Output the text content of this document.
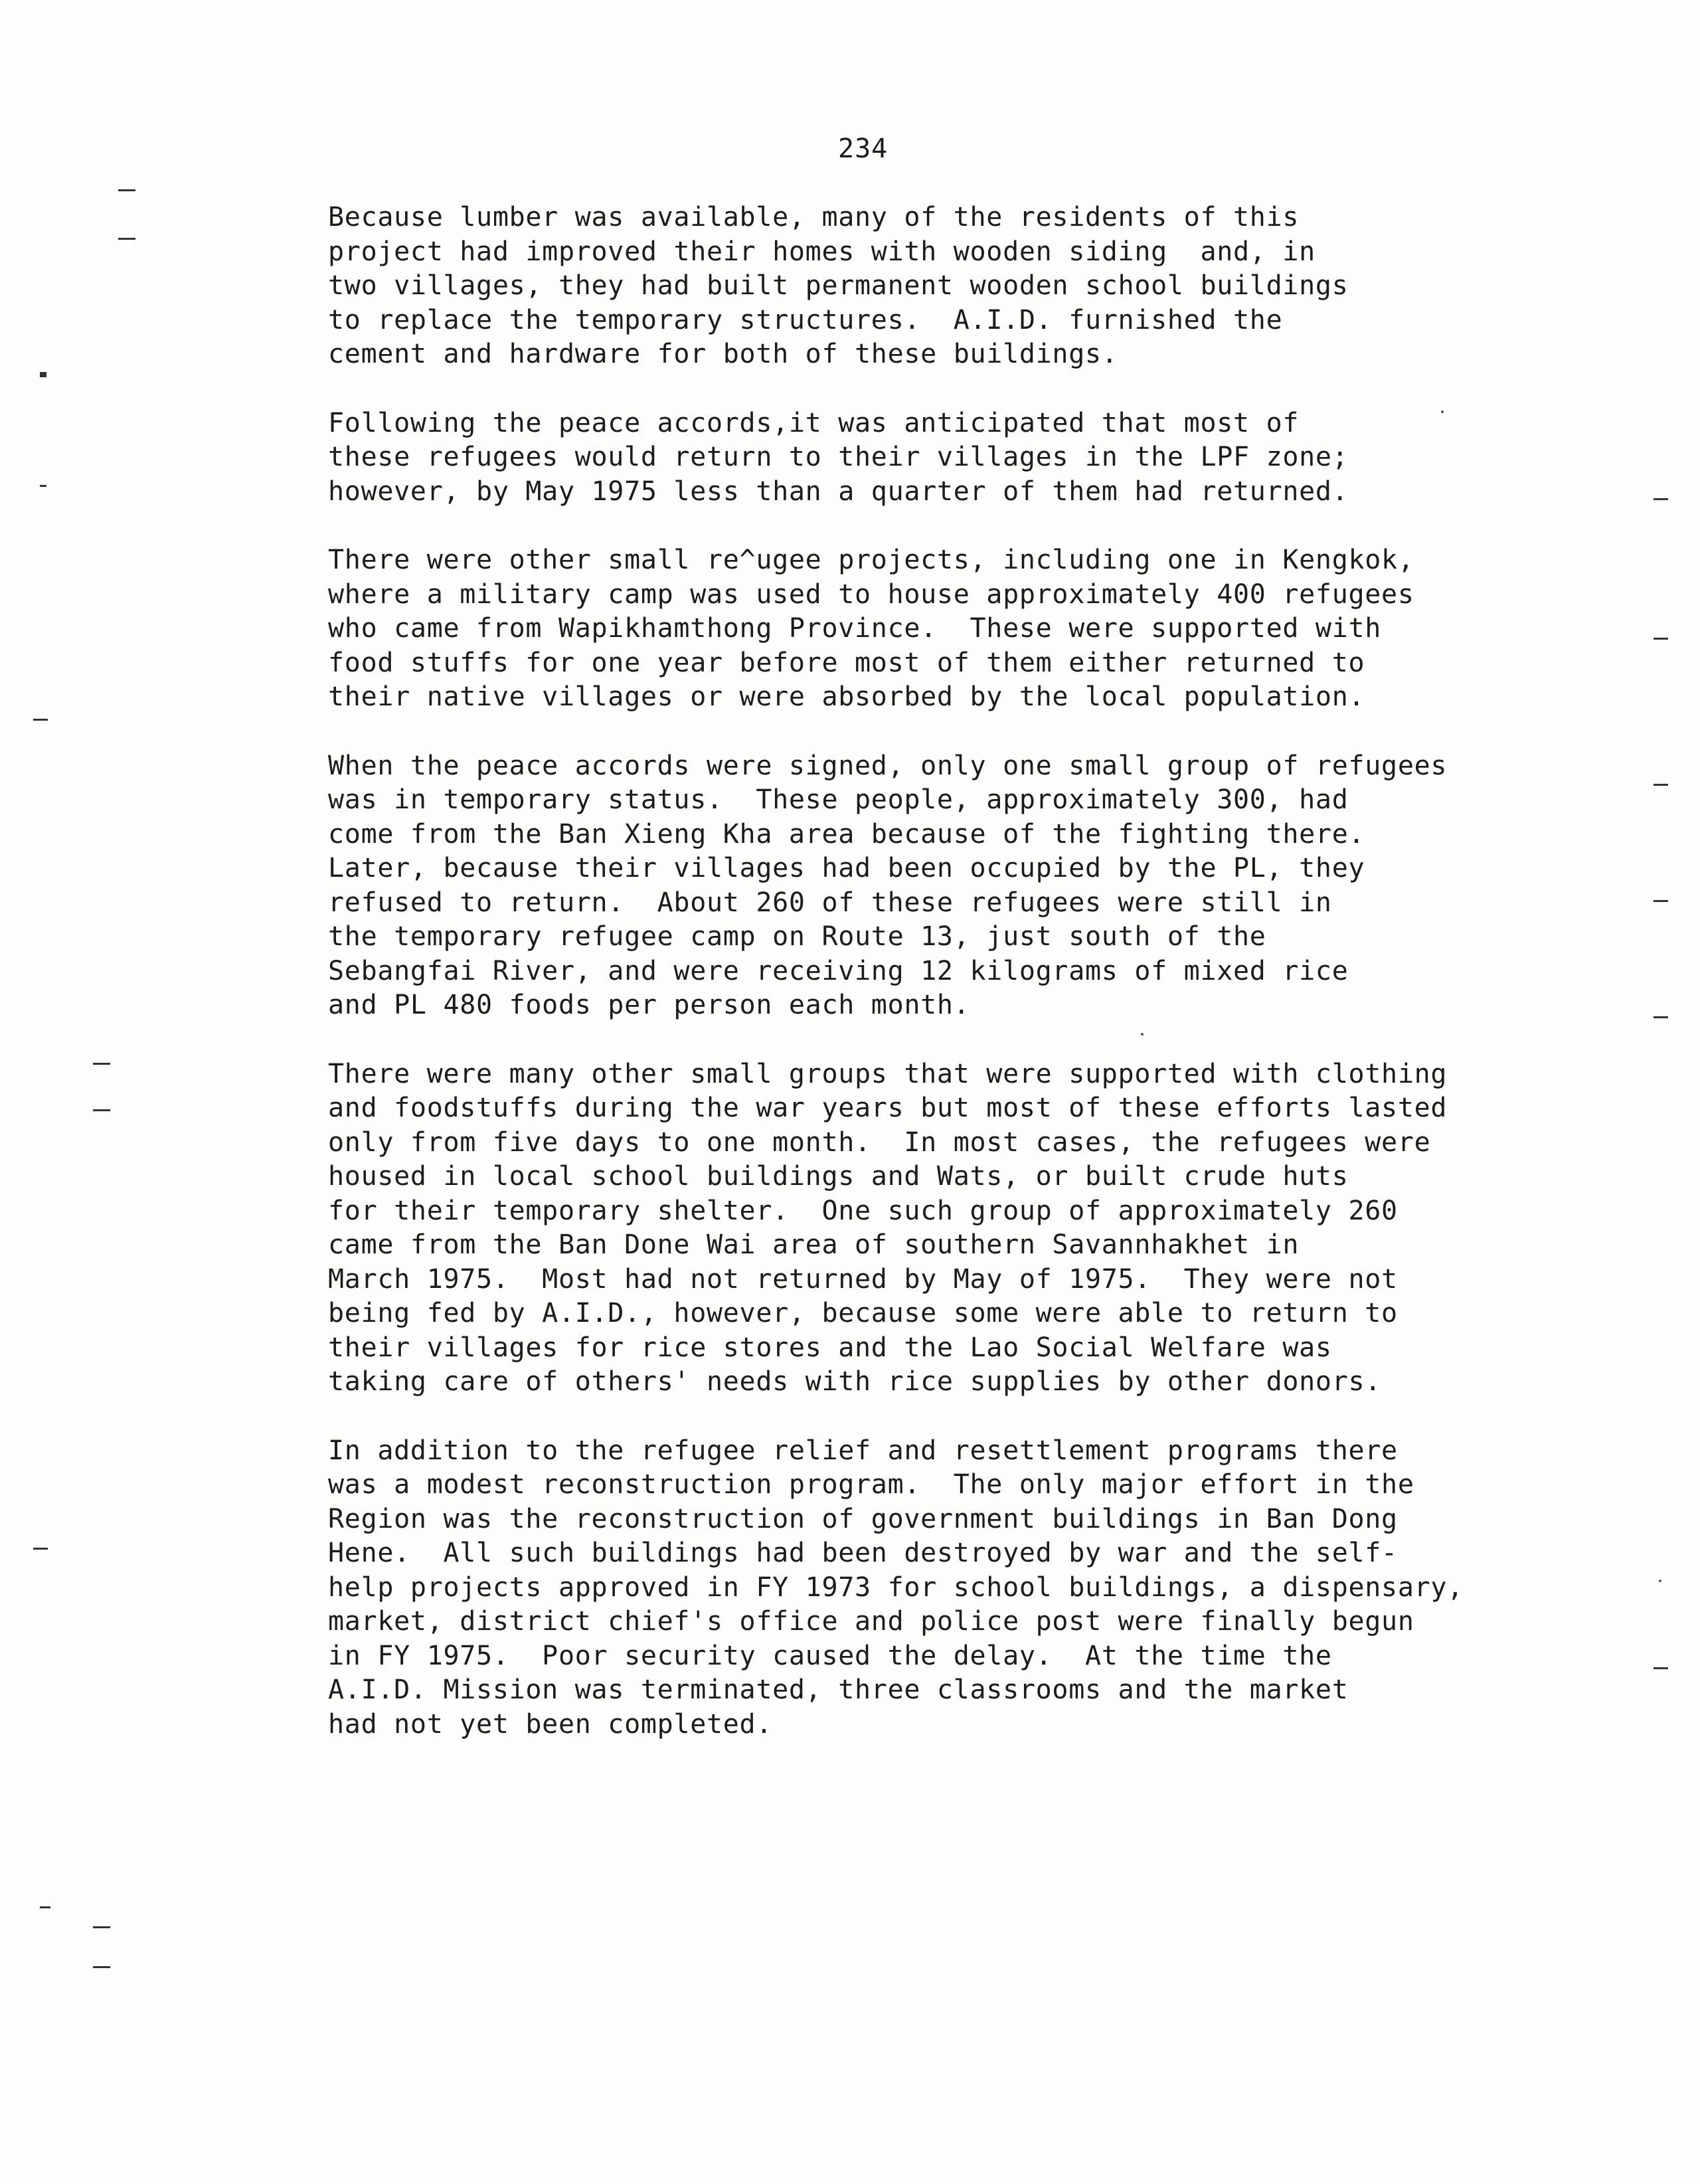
234
Because lumber was available, many of the residents of this
project had improved their homes with wooden siding  and, in
two villages, they had built permanent wooden school buildings
to replace the temporary structures.  A.I.D. furnished the
cement and hardware for both of these buildings.
Following the peace accords,it was anticipated that most of
these refugees would return to their villages in the LPF zone;
however, by May 1975 less than a quarter of them had returned.
There were other small re^ugee projects, including one in Kengkok,
where a military camp was used to house approximately 400 refugees
who came from Wapikhamthong Province.  These were supported with
food stuffs for one year before most of them either returned to
their native villages or were absorbed by the local population.
When the peace accords were signed, only one small group of refugees
was in temporary status.  These people, approximately 300, had
come from the Ban Xieng Kha area because of the fighting there.
Later, because their villages had been occupied by the PL, they
refused to return.  About 260 of these refugees were still in
the temporary refugee camp on Route 13, just south of the
Sebangfai River, and were receiving 12 kilograms of mixed rice
and PL 480 foods per person each month.
There were many other small groups that were supported with clothing
and foodstuffs during the war years but most of these efforts lasted
only from five days to one month.  In most cases, the refugees were
housed in local school buildings and Wats, or built crude huts
for their temporary shelter.  One such group of approximately 260
came from the Ban Done Wai area of southern Savannhakhet in
March 1975.  Most had not returned by May of 1975.  They were not
being fed by A.I.D., however, because some were able to return to
their villages for rice stores and the Lao Social Welfare was
taking care of others' needs with rice supplies by other donors.
In addition to the refugee relief and resettlement programs there
was a modest reconstruction program.  The only major effort in the
Region was the reconstruction of government buildings in Ban Dong
Hene.  All such buildings had been destroyed by war and the self-
help projects approved in FY 1973 for school buildings, a dispensary,
market, district chief's office and police post were finally begun
in FY 1975.  Poor security caused the delay.  At the time the
A.I.D. Mission was terminated, three classrooms and the market
had not yet been completed.
